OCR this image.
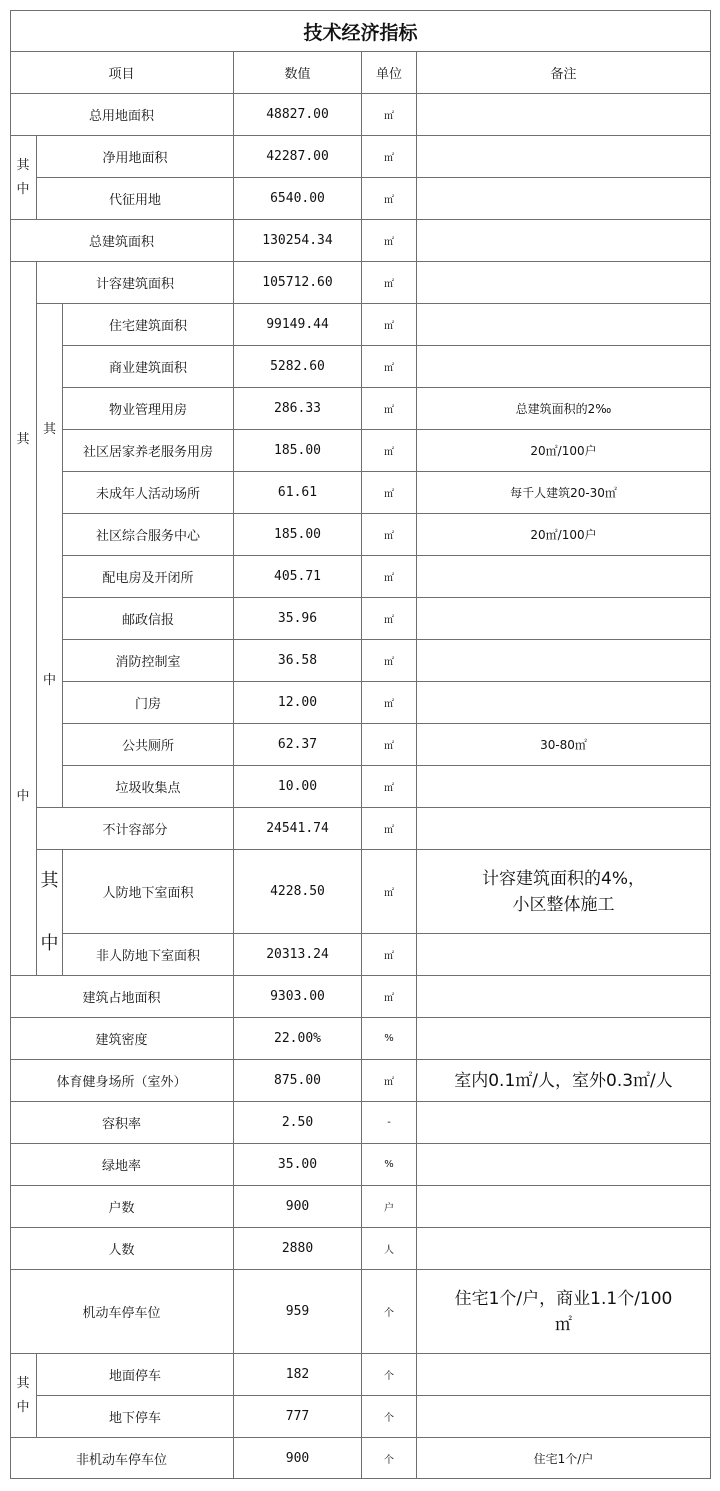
技术经济指标
项目	数值	单位	备注
其
中
其
中
其
中
其
中
其
中
总用地面积	48827.00	㎡
净用地面积	42287.00	㎡
代征用地	6540.00	㎡
总建筑面积	130254.34	㎡
计容建筑面积	105712.60	㎡
住宅建筑面积	99149.44	㎡
商业建筑面积	5282.60	㎡
物业管理用房	286.33	㎡	总建筑面积的2‰
社区居家养老服务用房	185.00	㎡	20㎡/100户
未成年人活动场所	61.61	㎡	每千人建筑20-30㎡
社区综合服务中心	185.00	㎡	20㎡/100户
配电房及开闭所	405.71	㎡
邮政信报	35.96	㎡
消防控制室	36.58	㎡
门房	12.00	㎡
公共厕所	62.37	㎡	30-80㎡
垃圾收集点	10.00	㎡
不计容部分	24541.74	㎡
人防地下室面积	4228.50	㎡
计容建筑面积的4%，
小区整体施工
非人防地下室面积	20313.24	㎡
建筑占地面积	9303.00	㎡
建筑密度	22.00%	%
体育健身场所（室外）	875.00	㎡	室内0.1㎡/人，室外0.3㎡/人
容积率	2.50	-
绿地率	35.00	%
户数	900	户
人数	2880	人
机动车停车位	959	个
住宅1个/户，商业1.1个/100
㎡
地面停车	182	个
地下停车	777	个
非机动车停车位	900	个	住宅1个/户
